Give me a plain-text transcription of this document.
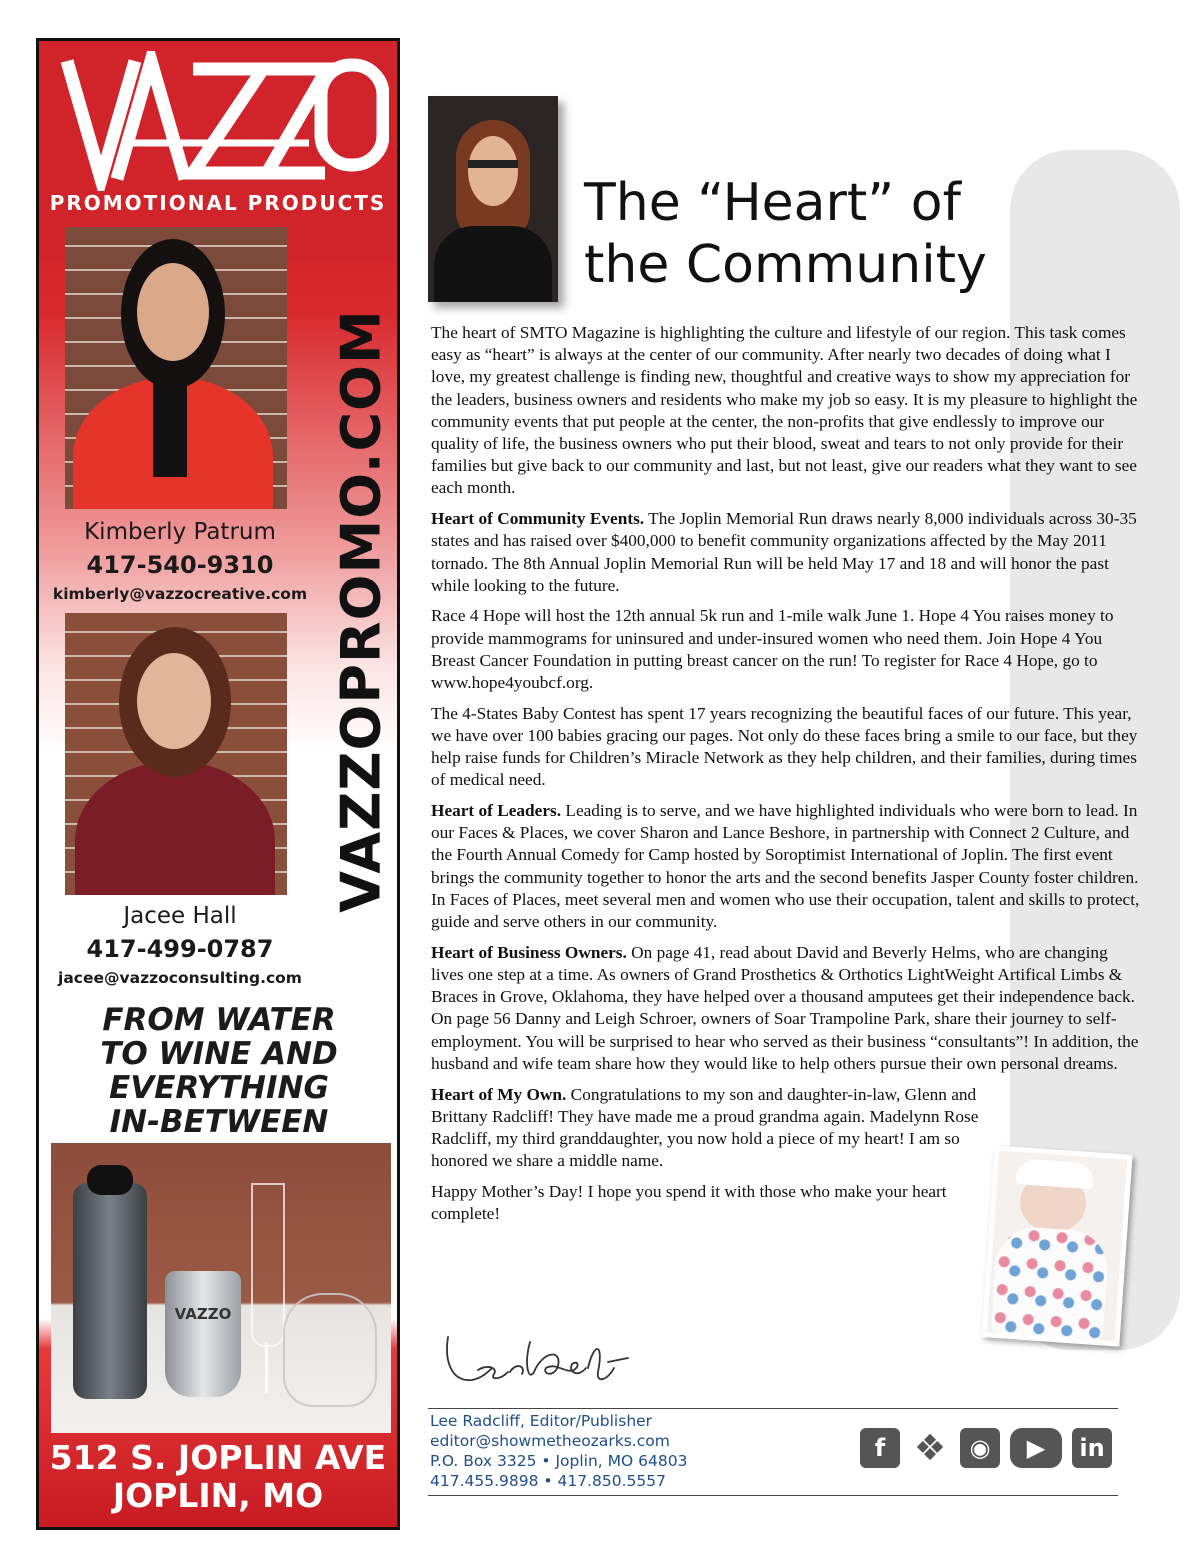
PROMOTIONAL PRODUCTS
Kimberly Patrum
417-540-9310
kimberly@vazzocreative.com
Jacee Hall
417-499-0787
jacee@vazzoconsulting.com
VAZZOPROMO.COM
FROM WATER
TO WINE AND
EVERYTHING
IN-BETWEEN
VAZZO
512 S. JOPLIN AVE
JOPLIN, MO
The “Heart” of
the Community

The heart of SMTO Magazine is highlighting the culture and lifestyle of our region. This task comes easy as “heart” is always at the center of our community. After nearly two decades of doing what I love, my greatest challenge is finding new, thoughtful and creative ways to show my appreciation for the leaders, business owners and residents who make my job so easy. It is my pleasure to highlight the community events that put people at the center, the non-profits that give endlessly to improve our quality of life, the business owners who put their blood, sweat and tears to not only provide for their families but give back to our community and last, but not least, give our readers what they want to see each month.

Heart of Community Events. The Joplin Memorial Run draws nearly 8,000 individuals across 30-35 states and has raised over $400,000 to benefit community organizations affected by the May 2011 tornado. The 8th Annual Joplin Memorial Run will be held May 17 and 18 and will honor the past while looking to the future.

Race 4 Hope will host the 12th annual 5k run and 1-mile walk June 1. Hope 4 You raises money to provide mammograms for uninsured and under-insured women who need them. Join Hope 4 You Breast Cancer Foundation in putting breast cancer on the run! To register for Race 4 Hope, go to www.hope4youbcf.org.

The 4-States Baby Contest has spent 17 years recognizing the beautiful faces of our future. This year, we have over 100 babies gracing our pages. Not only do these faces bring a smile to our face, but they help raise funds for Children’s Miracle Network as they help children, and their families, during times of medical need.

Heart of Leaders. Leading is to serve, and we have highlighted individuals who were born to lead. In our Faces & Places, we cover Sharon and Lance Beshore, in partnership with Connect 2 Culture, and the Fourth Annual Comedy for Camp hosted by Soroptimist International of Joplin. The first event brings the community together to honor the arts and the second benefits Jasper County foster children. In Faces of Places, meet several men and women who use their occupation, talent and skills to protect, guide and serve others in our community.

Heart of Business Owners. On page 41, read about David and Beverly Helms, who are changing lives one step at a time. As owners of Grand Prosthetics & Orthotics LightWeight Artifical Limbs & Braces in Grove, Oklahoma, they have helped over a thousand amputees get their independence back. On page 56 Danny and Leigh Schroer, owners of Soar Trampoline Park, share their journey to self-employment. You will be surprised to hear who served as their business “consultants”! In addition, the husband and wife team share how they would like to help others pursue their own personal dreams.

Heart of My Own. Congratulations to my son and daughter-in-law, Glenn and Brittany Radcliff! They have made me a proud grandma again. Madelynn Rose Radcliff, my third granddaughter, you now hold a piece of my heart! I am so honored we share a middle name.

Happy Mother’s Day! I hope you spend it with those who make your heart complete!

Lee Radcliff, Editor/Publisher
editor@showmetheozarks.com
P.O. Box 3325 • Joplin, MO 64803
417.455.9898 • 417.850.5557
f ❖ ◉	▶	in
